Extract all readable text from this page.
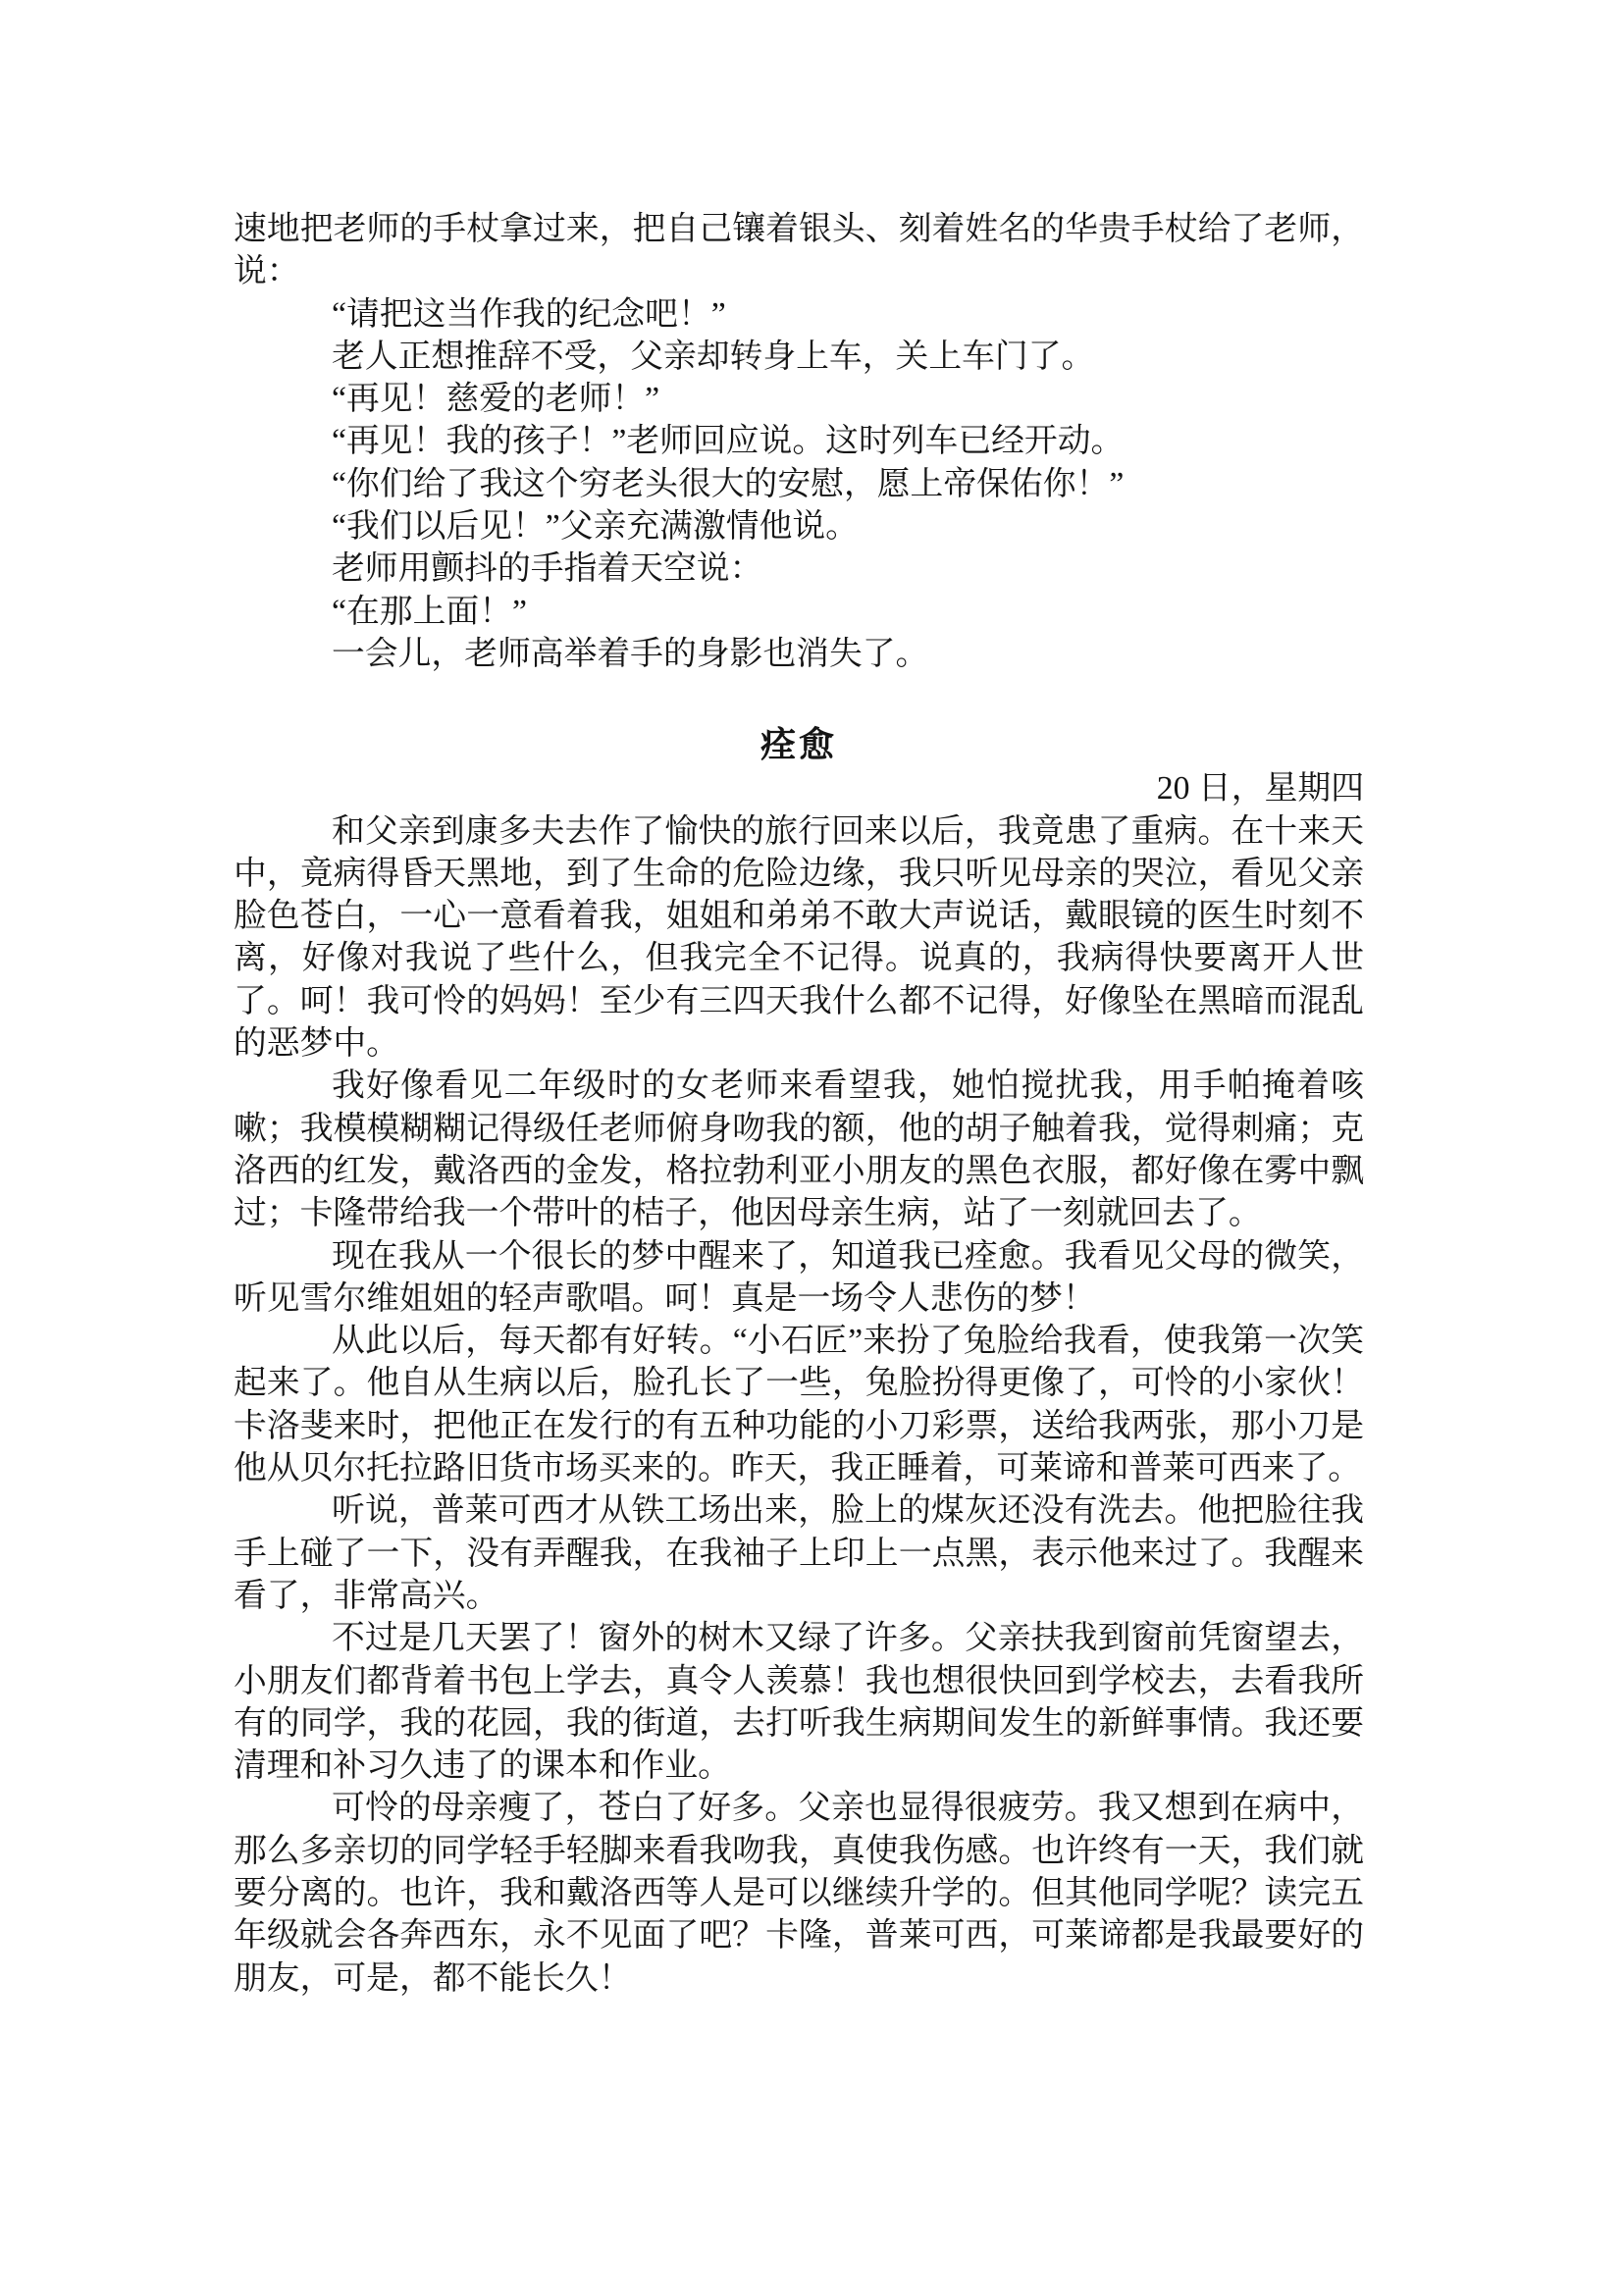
速地把老师的手杖拿过来，把自己镶着银头、刻着姓名的华贵手杖给了老师，说：

“请把这当作我的纪念吧！”

老人正想推辞不受，父亲却转身上车，关上车门了。

“再见！慈爱的老师！”

“再见！我的孩子！”老师回应说。这时列车已经开动。

“你们给了我这个穷老头很大的安慰，愿上帝保佑你！”

“我们以后见！”父亲充满激情他说。

老师用颤抖的手指着天空说：

“在那上面！”

一会儿，老师高举着手的身影也消失了。

痊愈

20 日，星期四

和父亲到康多夫去作了愉快的旅行回来以后，我竟患了重病。在十来天中，竟病得昏天黑地，到了生命的危险边缘，我只听见母亲的哭泣，看见父亲脸色苍白，一心一意看着我，姐姐和弟弟不敢大声说话，戴眼镜的医生时刻不离，好像对我说了些什么，但我完全不记得。说真的，我病得快要离开人世了。呵！我可怜的妈妈！至少有三四天我什么都不记得，好像坠在黑暗而混乱的恶梦中。

我好像看见二年级时的女老师来看望我，她怕搅扰我，用手帕掩着咳嗽；我模模糊糊记得级任老师俯身吻我的额，他的胡子触着我，觉得刺痛；克洛西的红发，戴洛西的金发，格拉勃利亚小朋友的黑色衣服，都好像在雾中飘过；卡隆带给我一个带叶的桔子，他因母亲生病，站了一刻就回去了。

现在我从一个很长的梦中醒来了，知道我已痊愈。我看见父母的微笑，听见雪尔维姐姐的轻声歌唱。呵！真是一场令人悲伤的梦！

从此以后，每天都有好转。“小石匠”来扮了兔脸给我看，使我第一次笑起来了。他自从生病以后，脸孔长了一些，兔脸扮得更像了，可怜的小家伙！卡洛斐来时，把他正在发行的有五种功能的小刀彩票，送给我两张，那小刀是他从贝尔托拉路旧货市场买来的。昨天，我正睡着，可莱谛和普莱可西来了。

听说，普莱可西才从铁工场出来，脸上的煤灰还没有洗去。他把脸往我手上碰了一下，没有弄醒我，在我袖子上印上一点黑，表示他来过了。我醒来看了，非常高兴。

不过是几天罢了！窗外的树木又绿了许多。父亲扶我到窗前凭窗望去，小朋友们都背着书包上学去，真令人羡慕！我也想很快回到学校去，去看我所有的同学，我的花园，我的街道，去打听我生病期间发生的新鲜事情。我还要清理和补习久违了的课本和作业。

可怜的母亲瘦了，苍白了好多。父亲也显得很疲劳。我又想到在病中，那么多亲切的同学轻手轻脚来看我吻我，真使我伤感。也许终有一天，我们就要分离的。也许，我和戴洛西等人是可以继续升学的。但其他同学呢？读完五年级就会各奔西东，永不见面了吧？卡隆，普莱可西，可莱谛都是我最要好的朋友，可是，都不能长久！
